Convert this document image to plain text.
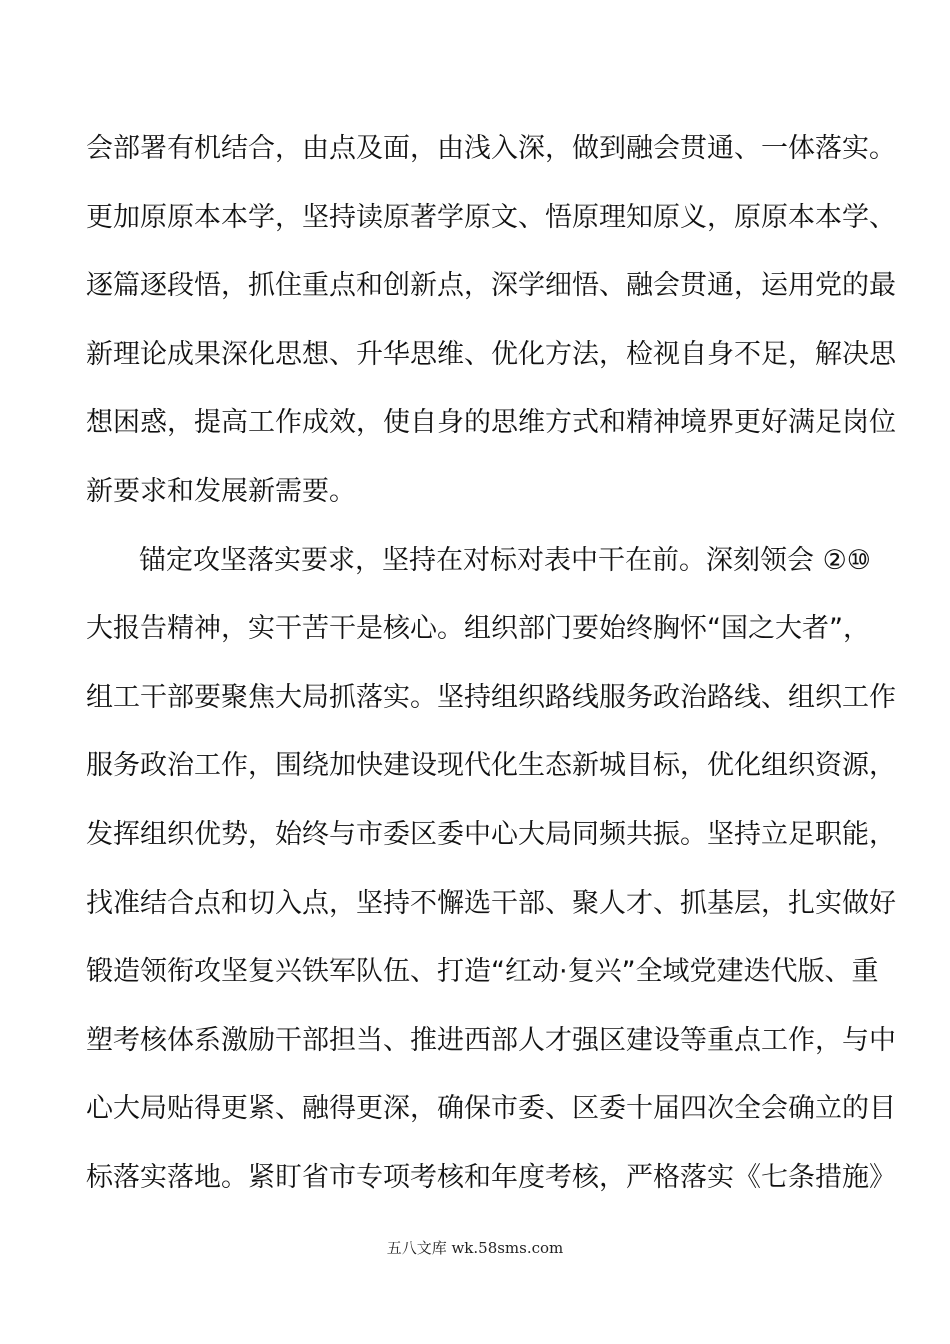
会部署有机结合，由点及面，由浅入深，做到融会贯通、一体落实。
更加原原本本学，坚持读原著学原文、悟原理知原义，原原本本学、
逐篇逐段悟，抓住重点和创新点，深学细悟、融会贯通，运用党的最
新理论成果深化思想、升华思维、优化方法，检视自身不足，解决思
想困惑，提高工作成效，使自身的思维方式和精神境界更好满足岗位
新要求和发展新需要。
锚定攻坚落实要求，坚持在对标对表中干在前。深刻领会 ②⑩
大报告精神，实干苦干是核心。组织部门要始终胸怀“国之大者”，
组工干部要聚焦大局抓落实。坚持组织路线服务政治路线、组织工作
服务政治工作，围绕加快建设现代化生态新城目标，优化组织资源，
发挥组织优势，始终与市委区委中心大局同频共振。坚持立足职能，
找准结合点和切入点，坚持不懈选干部、聚人才、抓基层，扎实做好
锻造领衔攻坚复兴铁军队伍、打造“红动·复兴”全域党建迭代版、重
塑考核体系激励干部担当、推进西部人才强区建设等重点工作，与中
心大局贴得更紧、融得更深，确保市委、区委十届四次全会确立的目
标落实落地。紧盯省市专项考核和年度考核，严格落实《七条措施》
五八文库 wk.58sms.com
